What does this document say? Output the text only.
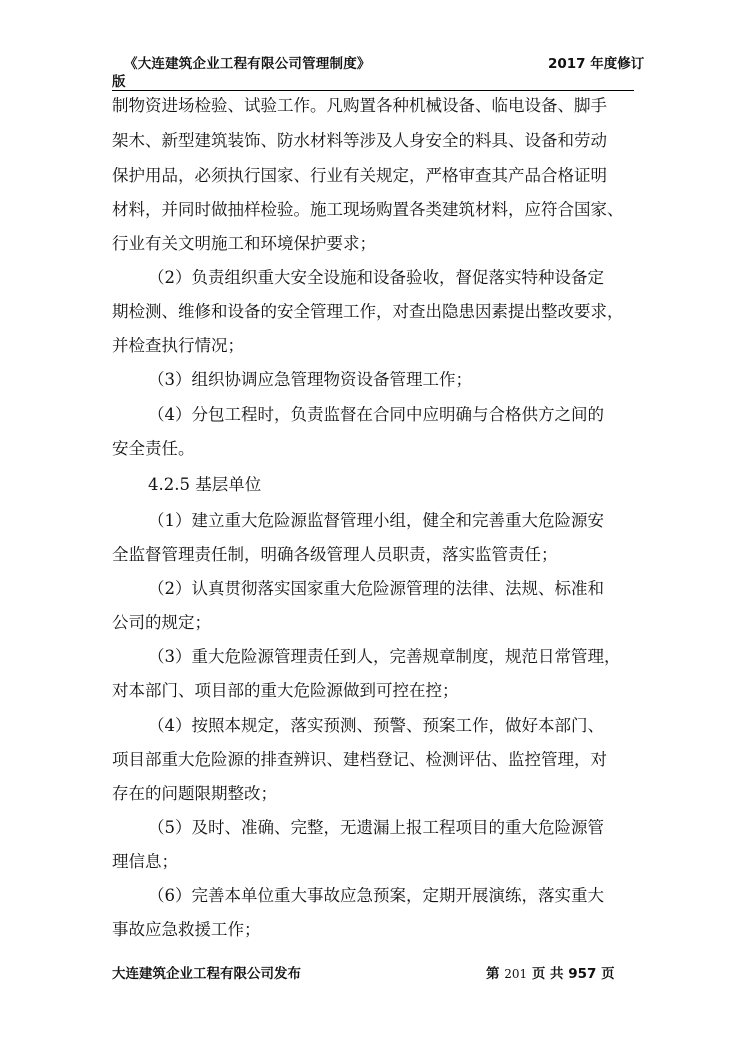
《大连建筑企业工程有限公司管理制度》	2017 年度修订
版
制物资进场检验、试验工作。凡购置各种机械设备、临电设备、脚手
架木、新型建筑装饰、防水材料等涉及人身安全的料具、设备和劳动
保护用品，必须执行国家、行业有关规定，严格审查其产品合格证明
材料，并同时做抽样检验。施工现场购置各类建筑材料，应符合国家、
行业有关文明施工和环境保护要求；
（2）负责组织重大安全设施和设备验收，督促落实特种设备定
期检测、维修和设备的安全管理工作，对查出隐患因素提出整改要求，
并检查执行情况；
（3）组织协调应急管理物资设备管理工作；
（4）分包工程时，负责监督在合同中应明确与合格供方之间的
安全责任。
4.2.5 基层单位
（1）建立重大危险源监督管理小组，健全和完善重大危险源安
全监督管理责任制，明确各级管理人员职责，落实监管责任；
（2）认真贯彻落实国家重大危险源管理的法律、法规、标准和
公司的规定；
（3）重大危险源管理责任到人，完善规章制度，规范日常管理，
对本部门、项目部的重大危险源做到可控在控；
（4）按照本规定，落实预测、预警、预案工作，做好本部门、
项目部重大危险源的排查辨识、建档登记、检测评估、监控管理，对
存在的问题限期整改；
（5）及时、准确、完整，无遗漏上报工程项目的重大危险源管
理信息；
（6）完善本单位重大事故应急预案，定期开展演练，落实重大
事故应急救援工作；
大连建筑企业工程有限公司发布	第 201 页 共 957 页
